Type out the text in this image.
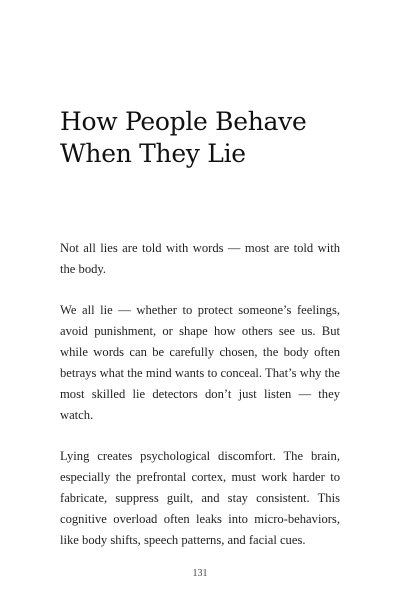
How People Behave
When They Lie

Not all lies are told with words — most are told with the body.

We all lie — whether to protect someone’s feelings, avoid punishment, or shape how others see us. But while words can be carefully chosen, the body often betrays what the mind wants to conceal. That’s why the most skilled lie detectors don’t just listen — they watch.

Lying creates psychological discomfort. The brain, especially the prefrontal cortex, must work harder to fabricate, suppress guilt, and stay consistent. This cognitive overload often leaks into micro-behaviors, like body shifts, speech patterns, and facial cues.

131
